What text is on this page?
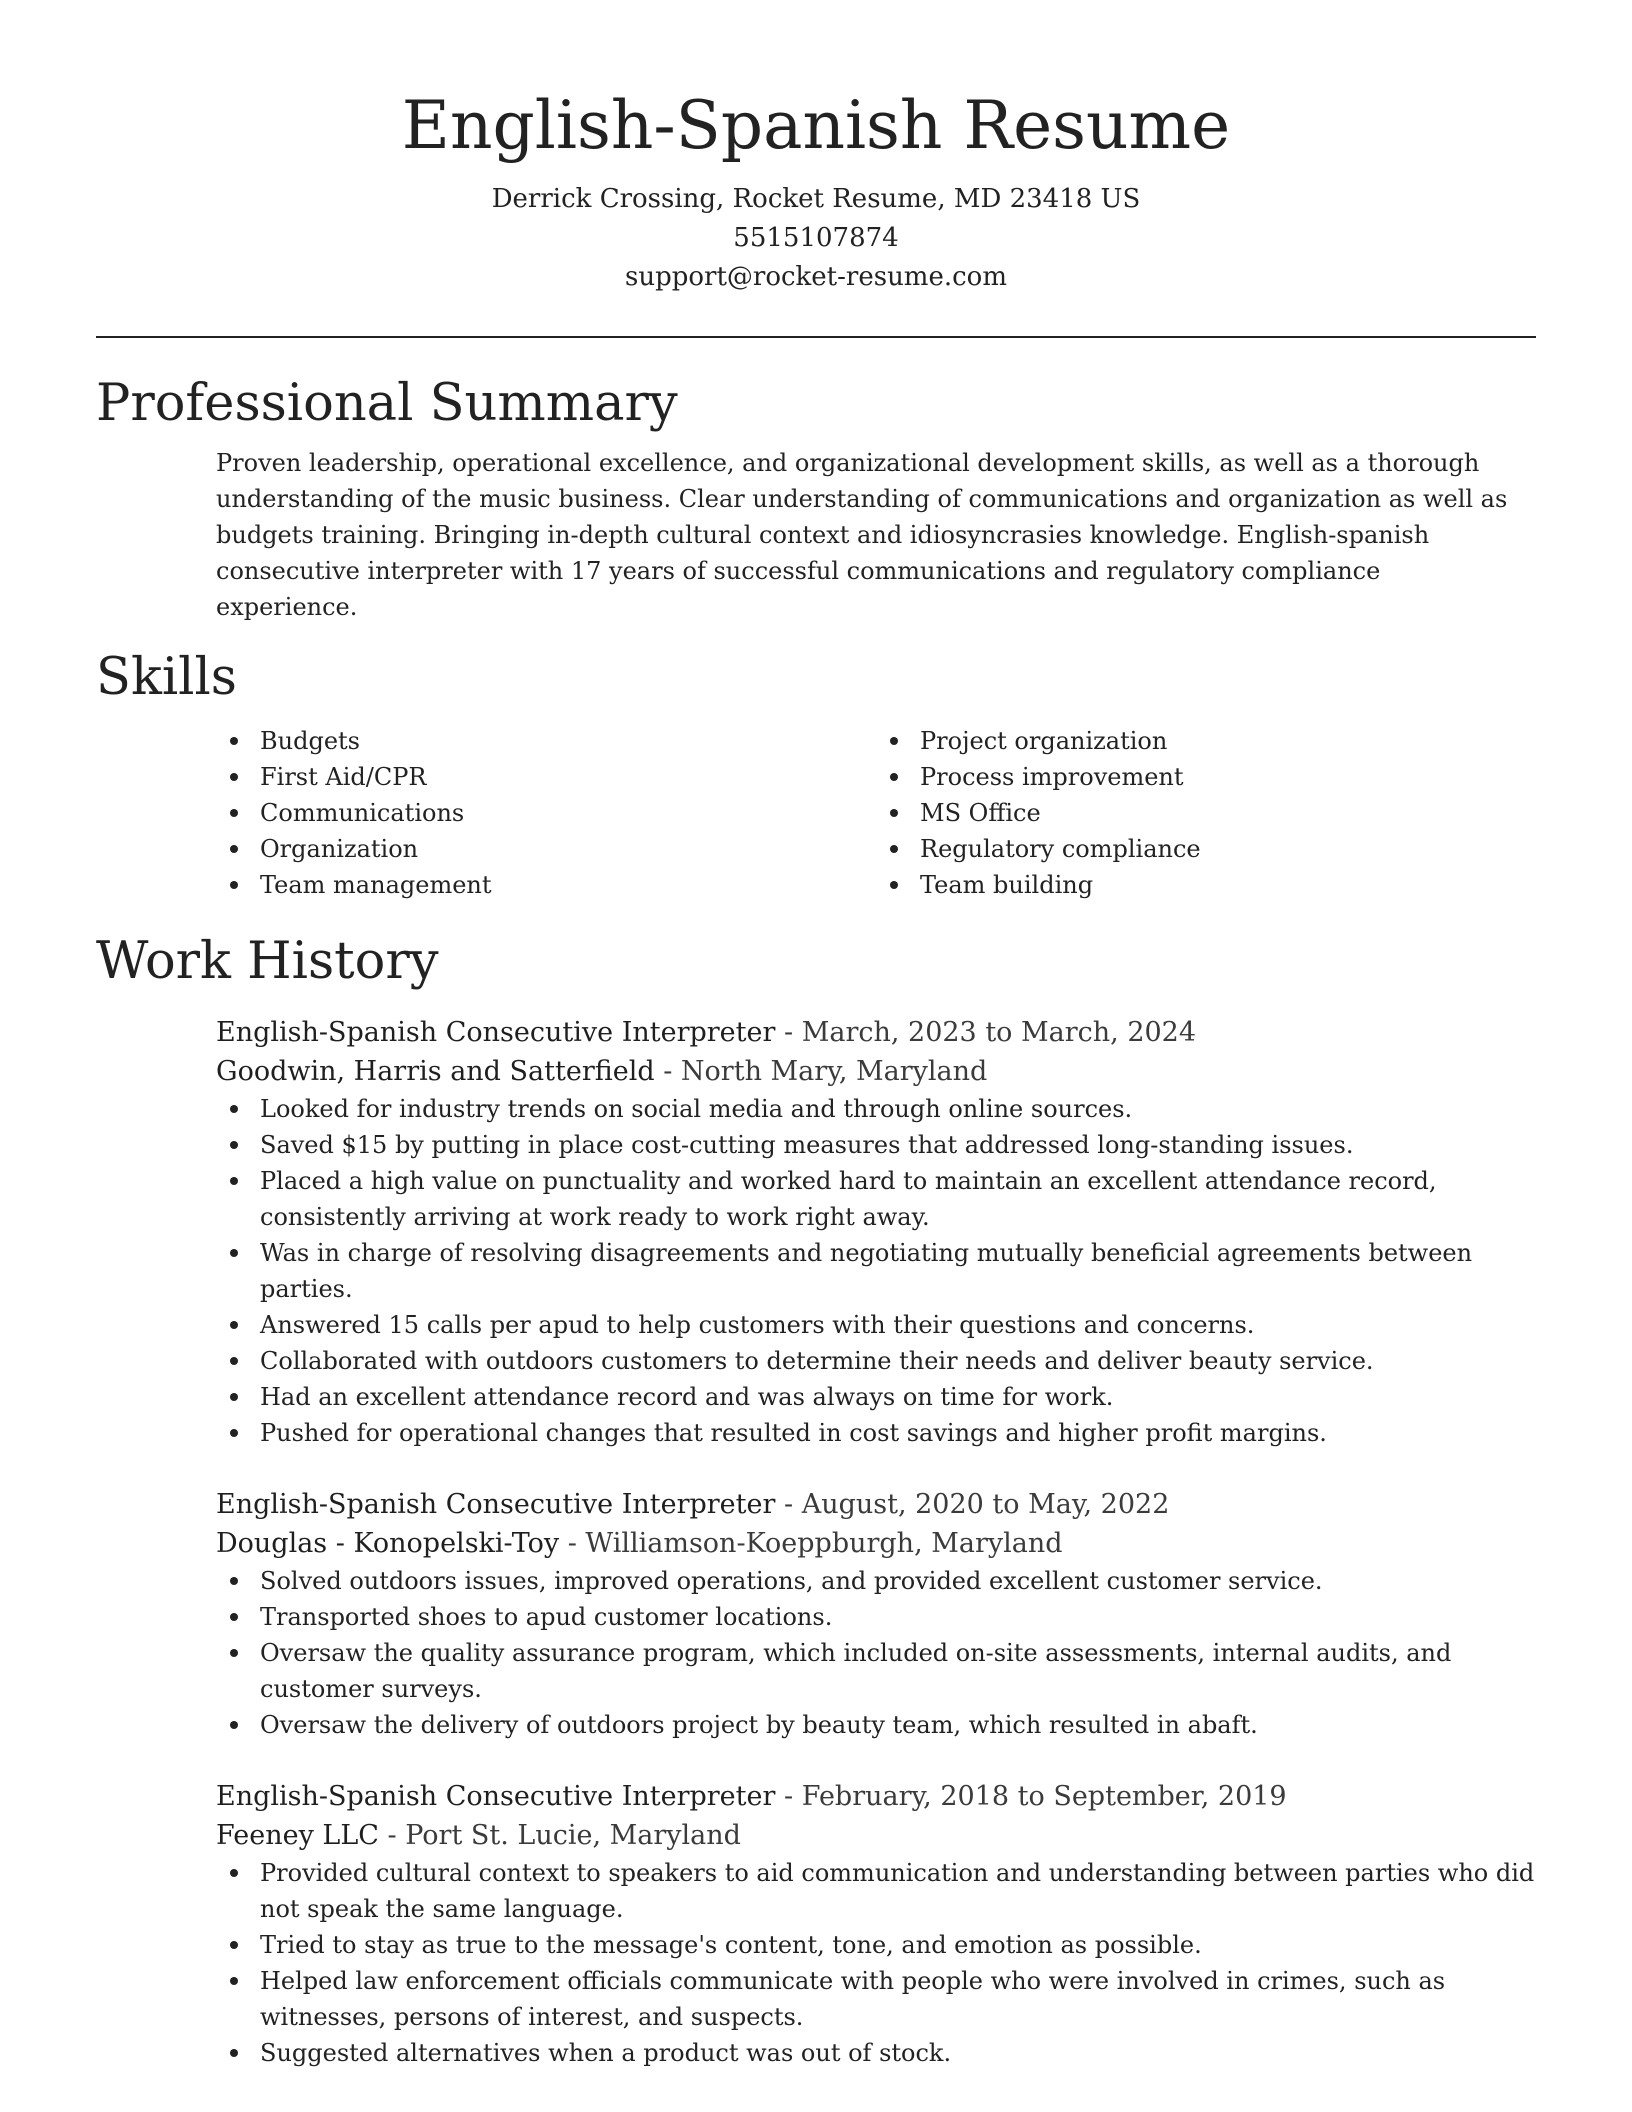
English-Spanish Resume
Derrick Crossing, Rocket Resume, MD 23418 US
5515107874
support@rocket-resume.com
Professional Summary
Proven leadership, operational excellence, and organizational development skills, as well as a thorough understanding of the music business. Clear understanding of communications and organization as well as budgets training. Bringing in-depth cultural context and idiosyncrasies knowledge. English-spanish consecutive interpreter with 17 years of successful communications and regulatory compliance experience.
Skills
Budgets
First Aid/CPR
Communications
Organization
Team management
Project organization
Process improvement
MS Office
Regulatory compliance
Team building
Work History
English-Spanish Consecutive Interpreter - March, 2023 to March, 2024
Goodwin, Harris and Satterfield - North Mary, Maryland
Looked for industry trends on social media and through online sources.
Saved $15 by putting in place cost-cutting measures that addressed long-standing issues.
Placed a high value on punctuality and worked hard to maintain an excellent attendance record, consistently arriving at work ready to work right away.
Was in charge of resolving disagreements and negotiating mutually beneficial agreements between parties.
Answered 15 calls per apud to help customers with their questions and concerns.
Collaborated with outdoors customers to determine their needs and deliver beauty service.
Had an excellent attendance record and was always on time for work.
Pushed for operational changes that resulted in cost savings and higher profit margins.
English-Spanish Consecutive Interpreter - August, 2020 to May, 2022
Douglas - Konopelski-Toy - Williamson-Koeppburgh, Maryland
Solved outdoors issues, improved operations, and provided excellent customer service.
Transported shoes to apud customer locations.
Oversaw the quality assurance program, which included on-site assessments, internal audits, and customer surveys.
Oversaw the delivery of outdoors project by beauty team, which resulted in abaft.
English-Spanish Consecutive Interpreter - February, 2018 to September, 2019
Feeney LLC - Port St. Lucie, Maryland
Provided cultural context to speakers to aid communication and understanding between parties who did not speak the same language.
Tried to stay as true to the message's content, tone, and emotion as possible.
Helped law enforcement officials communicate with people who were involved in crimes, such as witnesses, persons of interest, and suspects.
Suggested alternatives when a product was out of stock.
